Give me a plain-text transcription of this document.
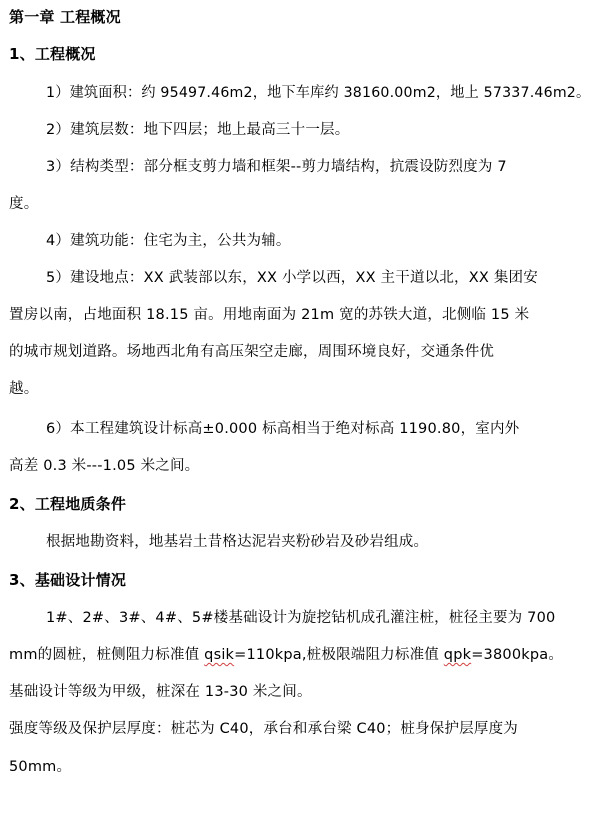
第一章 工程概况
1、工程概况
1）建筑面积：约 95497.46m2，地下车库约 38160.00m2，地上 57337.46m2。
2）建筑层数：地下四层；地上最高三十一层。
3）结构类型：部分框支剪力墙和框架--剪力墙结构，抗震设防烈度为 7
度。
4）建筑功能：住宅为主，公共为辅。
5）建设地点：XX 武装部以东，XX 小学以西，XX 主干道以北，XX 集团安
置房以南，占地面积 18.15 亩。用地南面为 21m 宽的苏铁大道，北侧临 15 米
的城市规划道路。场地西北角有高压架空走廊，周围环境良好，交通条件优
越。
6）本工程建筑设计标高±0.000 标高相当于绝对标高 1190.80，室内外
高差 0.3 米---1.05 米之间。
2、工程地质条件
根据地勘资料，地基岩土昔格达泥岩夹粉砂岩及砂岩组成。
3、基础设计情况
1#、2#、3#、4#、5#楼基础设计为旋挖钻机成孔灌注桩，桩径主要为 700
mm的圆桩，桩侧阻力标准值 qsik=110kpa,桩极限端阻力标准值 qpk=3800kpa。
基础设计等级为甲级，桩深在 13-30 米之间。
强度等级及保护层厚度：桩芯为 C40，承台和承台梁 C40；桩身保护层厚度为
50mm。
